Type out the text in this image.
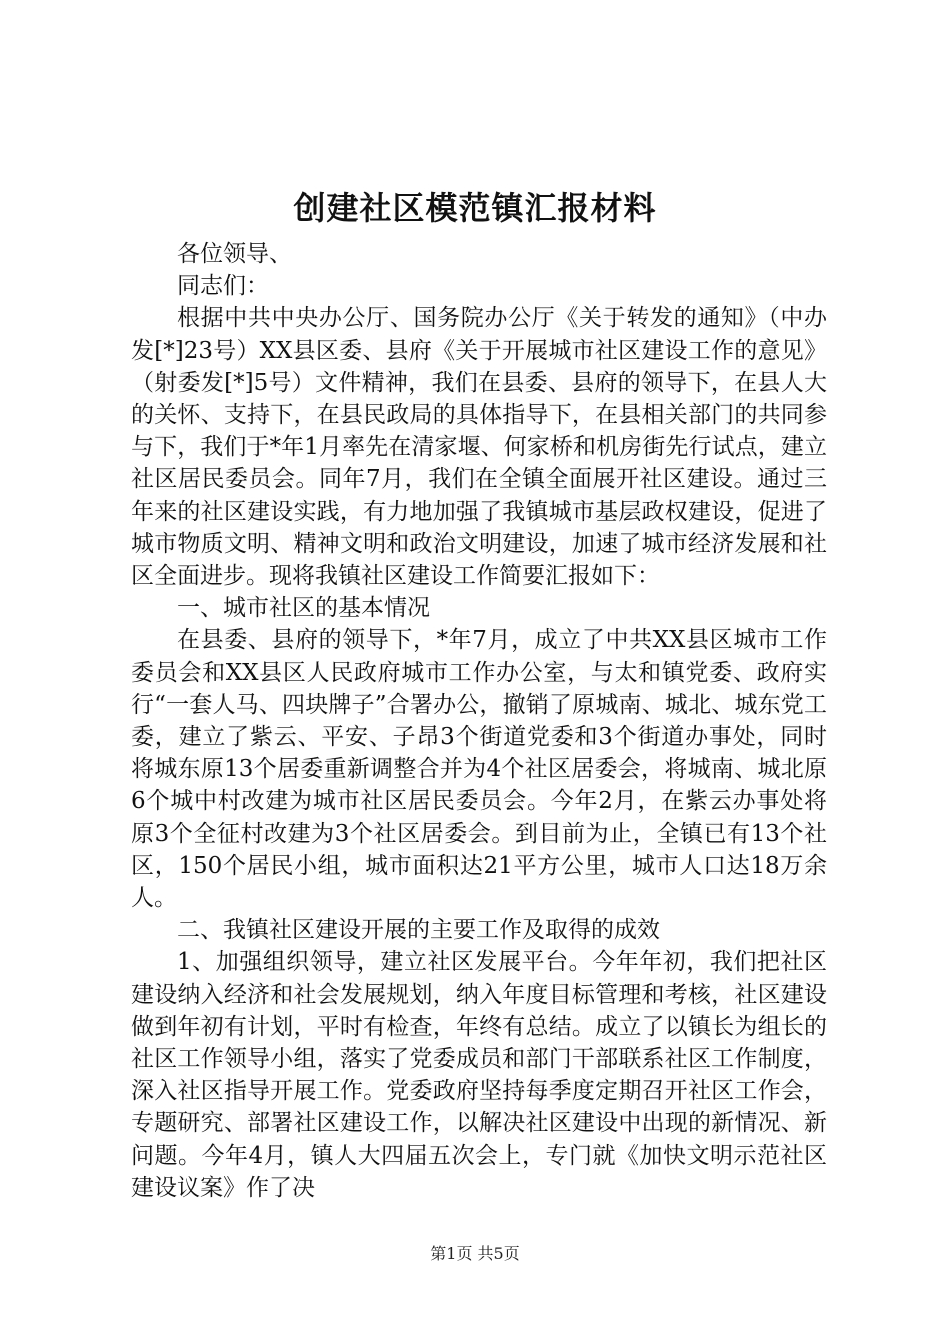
创建社区模范镇汇报材料

各位领导、

同志们：

根据中共中央办公厅、国务院办公厅《关于转发的通知》（中办发[*]23号）XX县区委、县府《关于开展城市社区建设工作的意见》（射委发[*]5号）文件精神，我们在县委、县府的领导下，在县人大的关怀、支持下，在县民政局的具体指导下，在县相关部门的共同参与下，我们于*年1月率先在清家堰、何家桥和机房街先行试点，建立社区居民委员会。同年7月，我们在全镇全面展开社区建设。通过三年来的社区建设实践，有力地加强了我镇城市基层政权建设，促进了城市物质文明、精神文明和政治文明建设，加速了城市经济发展和社区全面进步。现将我镇社区建设工作简要汇报如下：

一、城市社区的基本情况

在县委、县府的领导下，*年7月，成立了中共XX县区城市工作委员会和XX县区人民政府城市工作办公室，与太和镇党委、政府实行“一套人马、四块牌子”合署办公，撤销了原城南、城北、城东党工委，建立了紫云、平安、子昂3个街道党委和3个街道办事处，同时将城东原13个居委重新调整合并为4个社区居委会，将城南、城北原6个城中村改建为城市社区居民委员会。今年2月，在紫云办事处将原3个全征村改建为3个社区居委会。到目前为止，全镇已有13个社区，150个居民小组，城市面积达21平方公里，城市人口达18万余人。

二、我镇社区建设开展的主要工作及取得的成效

1、加强组织领导，建立社区发展平台。今年年初，我们把社区建设纳入经济和社会发展规划，纳入年度目标管理和考核，社区建设做到年初有计划，平时有检查，年终有总结。成立了以镇长为组长的社区工作领导小组，落实了党委成员和部门干部联系社区工作制度，深入社区指导开展工作。党委政府坚持每季度定期召开社区工作会，专题研究、部署社区建设工作，以解决社区建设中出现的新情况、新问题。今年4月，镇人大四届五次会上，专门就《加快文明示范社区建设议案》作了决

第1页 共5页
